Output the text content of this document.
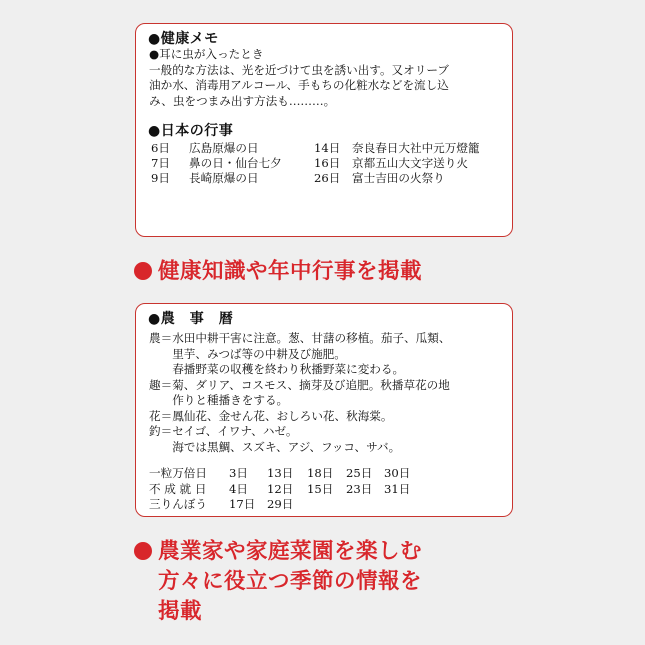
●健康メモ
●耳に虫が入ったとき
一般的な方法は、光を近づけて虫を誘い出す。又オリーブ
油か水、消毒用アルコール、手もちの化粧水などを流し込
み、虫をつまみ出す方法も………。
●日本の行事
6日 広島原爆の日
7日 鼻の日・仙台七夕
9日 長崎原爆の日
14日 奈良春日大社中元万燈籠
16日 京都五山大文字送り火
26日 富士吉田の火祭り
健康知識や年中行事を掲載
●農　事　暦
農＝水田中耕干害に注意。葱、甘藷の移植。茄子、瓜類、
　　里芋、みつば等の中耕及び施肥。
　　春播野菜の収穫を終わり秋播野菜に変わる。
趣＝菊、ダリア、コスモス、摘芽及び追肥。秋播草花の地
　　作りと種播きをする。
花＝鳳仙花、金せん花、おしろい花、秋海棠。
釣＝セイゴ、イワナ、ハゼ。
　　海では黒鯛、スズキ、アジ、フッコ、サバ。
一粒万倍日 3日 13日 18日 25日 30日
不 成 就 日 4日 12日 15日 23日 31日
三りんぼう 17日 29日
農業家や家庭菜園を楽しむ
方々に役立つ季節の情報を
掲載
